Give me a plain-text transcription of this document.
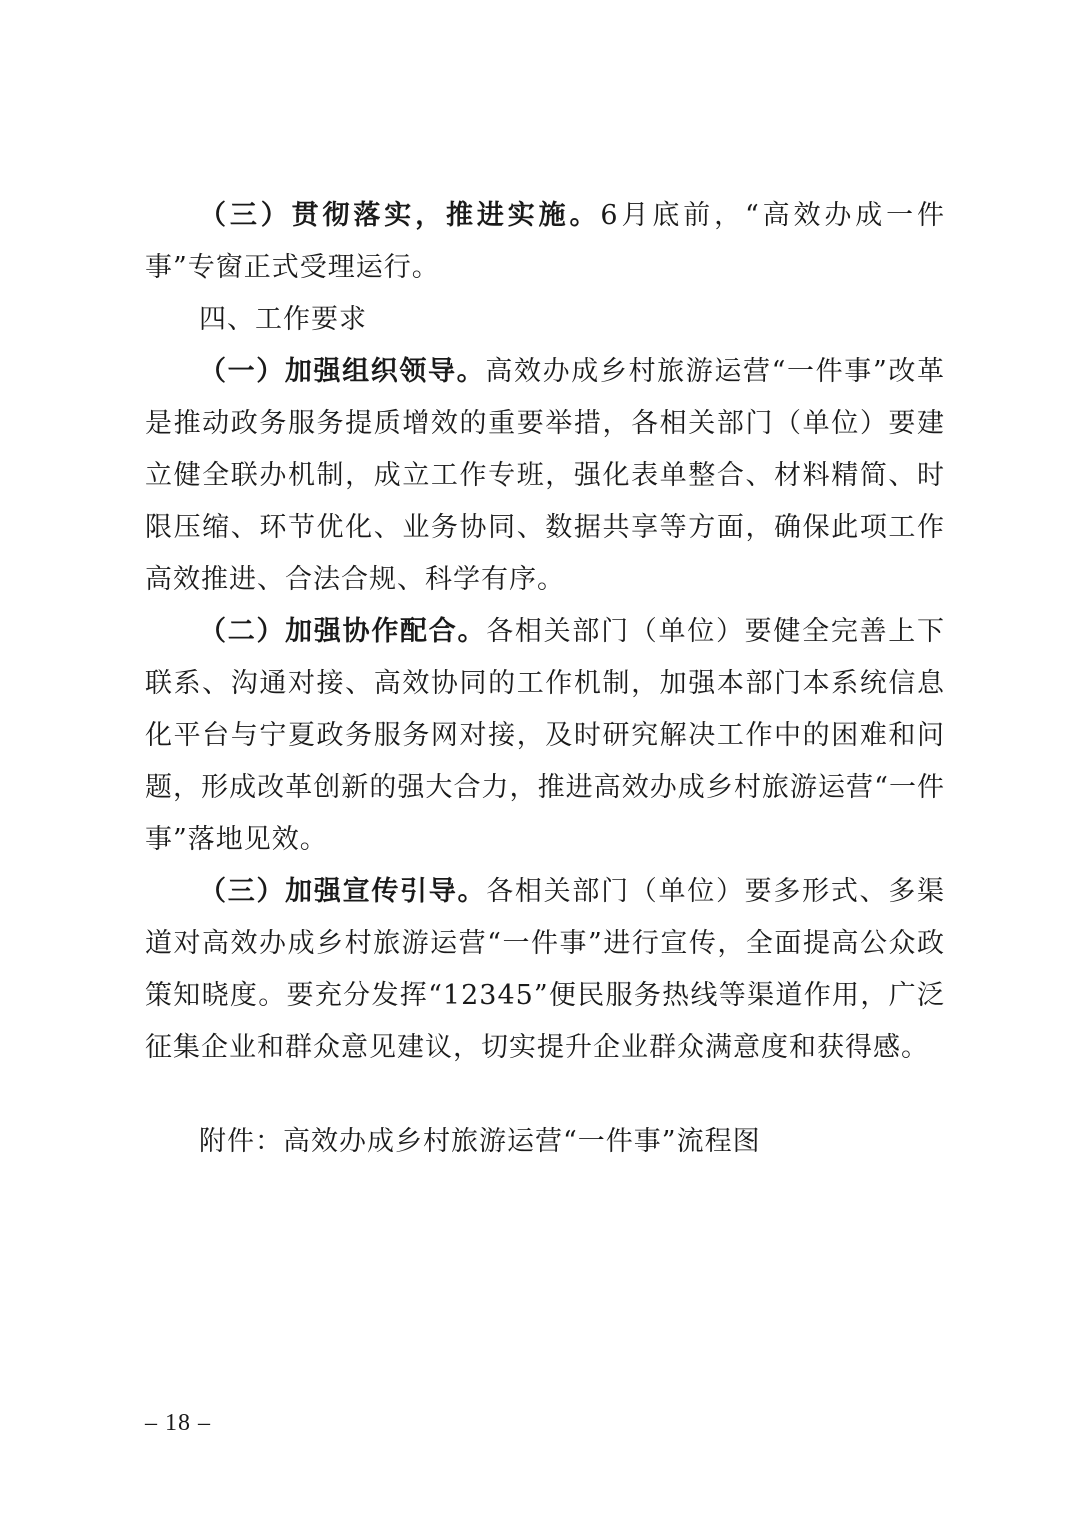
（三）贯彻落实，推进实施。6月底前，“高效办成一件事”专窗正式受理运行。

四、工作要求

（一）加强组织领导。高效办成乡村旅游运营“一件事”改革是推动政务服务提质增效的重要举措，各相关部门（单位）要建立健全联办机制，成立工作专班，强化表单整合、材料精简、时限压缩、环节优化、业务协同、数据共享等方面，确保此项工作高效推进、合法合规、科学有序。

（二）加强协作配合。各相关部门（单位）要健全完善上下联系、沟通对接、高效协同的工作机制，加强本部门本系统信息化平台与宁夏政务服务网对接，及时研究解决工作中的困难和问题，形成改革创新的强大合力，推进高效办成乡村旅游运营“一件事”落地见效。

（三）加强宣传引导。各相关部门（单位）要多形式、多渠道对高效办成乡村旅游运营“一件事”进行宣传，全面提高公众政策知晓度。要充分发挥“12345”便民服务热线等渠道作用，广泛征集企业和群众意见建议，切实提升企业群众满意度和获得感。

附件：高效办成乡村旅游运营“一件事”流程图

– 18 –
